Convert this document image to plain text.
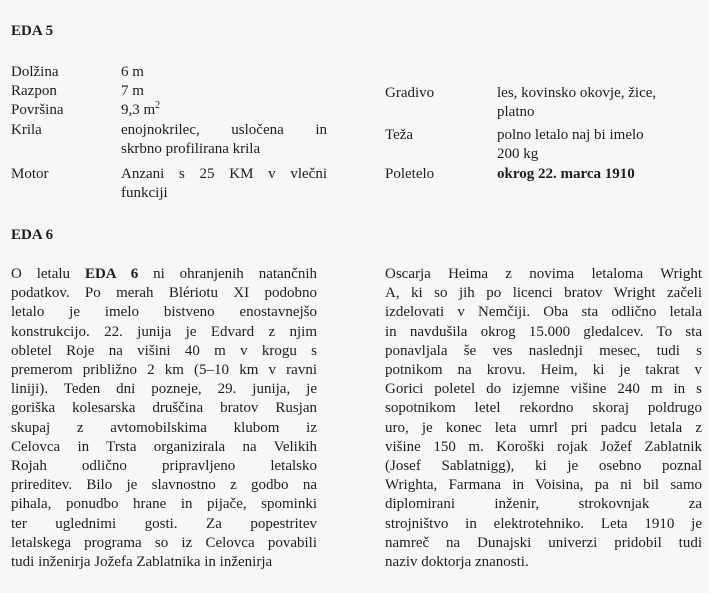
EDA 5
Dolžina	6 m
Razpon	7 m
Površina	9,3 $m^2$
Krila	enojnokrilec, usločena in
skrbno profilirana krila
Motor	Anzani s 25 KM v vlečni
funkciji
Gradivo	les, kovinsko okovje, žice,
platno
Teža	polno letalo naj bi imelo
200 kg
Poletelo	okrog 22. marca 1910
EDA 6
O letalu EDA 6 ni ohranjenih natančnih
podatkov. Po merah Blériotu XI podobno
letalo je imelo bistveno enostavnejšo
konstrukcijo. 22. junija je Edvard z njim
obletel Roje na višini 40 m v krogu s
premerom približno 2 km (5–10 km v ravni
liniji). Teden dni pozneje, 29. junija, je
goriška kolesarska druščina bratov Rusjan
skupaj z avtomobilskima klubom iz
Celovca in Trsta organizirala na Velikih
Rojah odlično pripravljeno letalsko
prireditev. Bilo je slavnostno z godbo na
pihala, ponudbo hrane in pijače, spominki
ter uglednimi gosti. Za popestritev
letalskega programa so iz Celovca povabili
tudi inženirja Jožefa Zablatnika in inženirja
Oscarja Heima z novima letaloma Wright
A, ki so jih po licenci bratov Wright začeli
izdelovati v Nemčiji. Oba sta odlično letala
in navdušila okrog 15.000 gledalcev. To sta
ponavljala še ves naslednji mesec, tudi s
potnikom na krovu. Heim, ki je takrat v
Gorici poletel do izjemne višine 240 m in s
sopotnikom letel rekordno skoraj poldrugo
uro, je konec leta umrl pri padcu letala z
višine 150 m. Koroški rojak Jožef Zablatnik
(Josef Sablatnigg), ki je osebno poznal
Wrighta, Farmana in Voisina, pa ni bil samo
diplomirani inženir, strokovnjak za
strojništvo in elektrotehniko. Leta 1910 je
namreč na Dunajski univerzi pridobil tudi
naziv doktorja znanosti.
